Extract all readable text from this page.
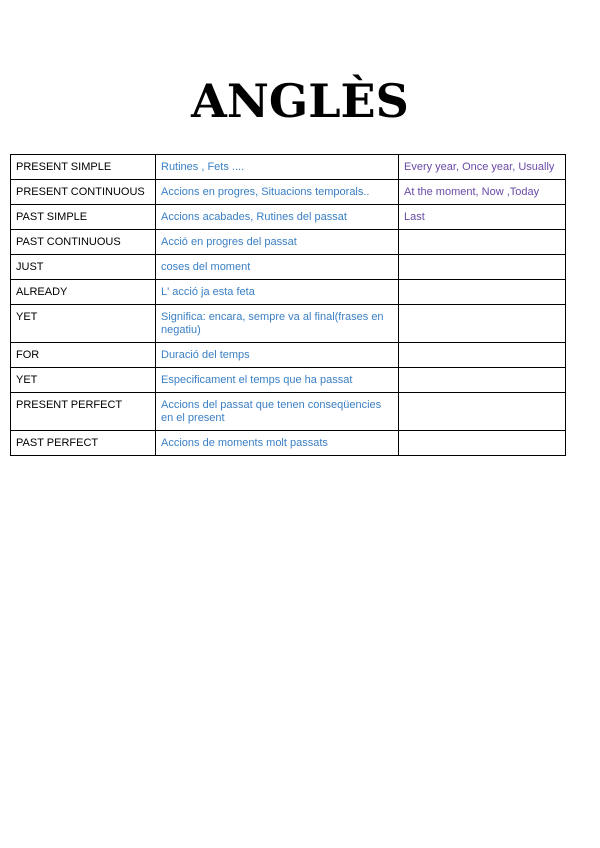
ANGLÈS
PRESENT SIMPLE	Rutines , Fets ....	Every year, Once year, Usually
PRESENT CONTINUOUS	Accions en progres, Situacions temporals..	At the moment, Now ,Today
PAST SIMPLE	Accions acabades, Rutines del passat	Last
PAST CONTINUOUS	Acció en progres del passat	
JUST	coses del moment	
ALREADY	L' acció ja esta feta	
YET	Significa: encara, sempre va al final(frases en negatiu)	
FOR	Duració del temps	
YET	Especificament el temps que ha passat	
PRESENT PERFECT	Accions del passat que tenen conseqüencies en el present	
PAST PERFECT	Accions de moments molt passats	
